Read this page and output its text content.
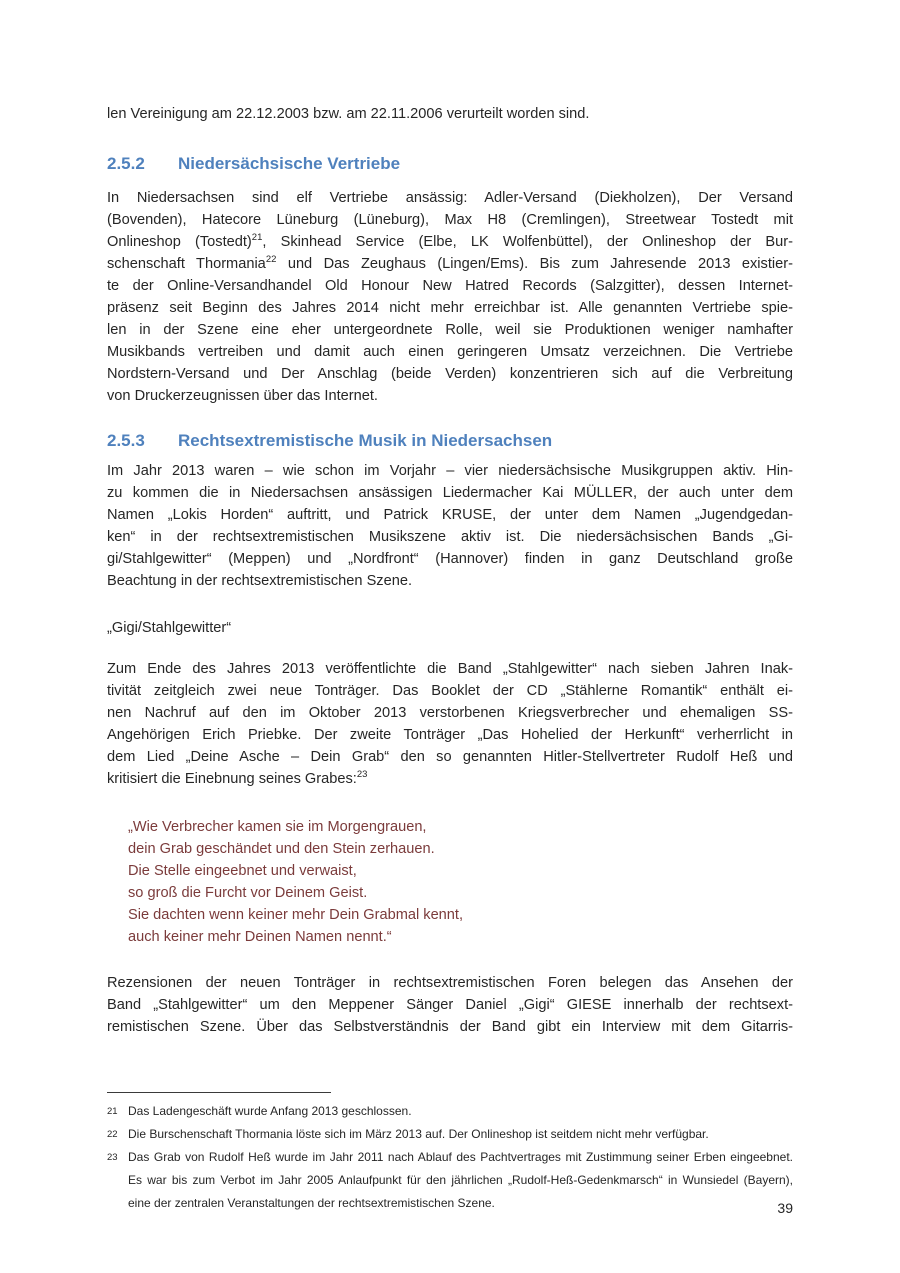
len Vereinigung am 22.12.2003 bzw. am 22.11.2006 verurteilt worden sind.
2.5.2 Niedersächsische Vertriebe
In Niedersachsen sind elf Vertriebe ansässig: Adler-Versand (Diekholzen), Der Versand
(Bovenden), Hatecore Lüneburg (Lüneburg), Max H8 (Cremlingen), Streetwear Tostedt mit
Onlineshop (Tostedt)$^{21}$, Skinhead Service (Elbe, LK Wolfenbüttel), der Onlineshop der Bur-
schenschaft Thormania$^{22}$ und Das Zeughaus (Lingen/Ems). Bis zum Jahresende 2013 existier-
te der Online-Versandhandel Old Honour New Hatred Records (Salzgitter), dessen Internet-
präsenz seit Beginn des Jahres 2014 nicht mehr erreichbar ist. Alle genannten Vertriebe spie-
len in der Szene eine eher untergeordnete Rolle, weil sie Produktionen weniger namhafter
Musikbands vertreiben und damit auch einen geringeren Umsatz verzeichnen. Die Vertriebe
Nordstern-Versand und Der Anschlag (beide Verden) konzentrieren sich auf die Verbreitung
von Druckerzeugnissen über das Internet.
2.5.3 Rechtsextremistische Musik in Niedersachsen
Im Jahr 2013 waren – wie schon im Vorjahr – vier niedersächsische Musikgruppen aktiv. Hin-
zu kommen die in Niedersachsen ansässigen Liedermacher Kai MÜLLER, der auch unter dem
Namen „Lokis Horden“ auftritt, und Patrick KRUSE, der unter dem Namen „Jugendgedan-
ken“ in der rechtsextremistischen Musikszene aktiv ist. Die niedersächsischen Bands „Gi-
gi/Stahlgewitter“ (Meppen) und „Nordfront“ (Hannover) finden in ganz Deutschland große
Beachtung in der rechtsextremistischen Szene.
„Gigi/Stahlgewitter“
Zum Ende des Jahres 2013 veröffentlichte die Band „Stahlgewitter“ nach sieben Jahren Inak-
tivität zeitgleich zwei neue Tonträger. Das Booklet der CD „Stählerne Romantik“ enthält ei-
nen Nachruf auf den im Oktober 2013 verstorbenen Kriegsverbrecher und ehemaligen SS-
Angehörigen Erich Priebke. Der zweite Tonträger „Das Hohelied der Herkunft“ verherrlicht in
dem Lied „Deine Asche – Dein Grab“ den so genannten Hitler-Stellvertreter Rudolf Heß und
kritisiert die Einebnung seines Grabes:$^{23}$
„Wie Verbrecher kamen sie im Morgengrauen,
dein Grab geschändet und den Stein zerhauen.
Die Stelle eingeebnet und verwaist,
so groß die Furcht vor Deinem Geist.
Sie dachten wenn keiner mehr Dein Grabmal kennt,
auch keiner mehr Deinen Namen nennt.“
Rezensionen der neuen Tonträger in rechtsextremistischen Foren belegen das Ansehen der
Band „Stahlgewitter“ um den Meppener Sänger Daniel „Gigi“ GIESE innerhalb der rechtsext-
remistischen Szene. Über das Selbstverständnis der Band gibt ein Interview mit dem Gitarris-
21 Das Ladengeschäft wurde Anfang 2013 geschlossen.
22 Die Burschenschaft Thormania löste sich im März 2013 auf. Der Onlineshop ist seitdem nicht mehr verfügbar.
23 Das Grab von Rudolf Heß wurde im Jahr 2011 nach Ablauf des Pachtvertrages mit Zustimmung seiner Erben eingeebnet.
Es war bis zum Verbot im Jahr 2005 Anlaufpunkt für den jährlichen „Rudolf-Heß-Gedenkmarsch“ in Wunsiedel (Bayern),
eine der zentralen Veranstaltungen der rechtsextremistischen Szene.	39
